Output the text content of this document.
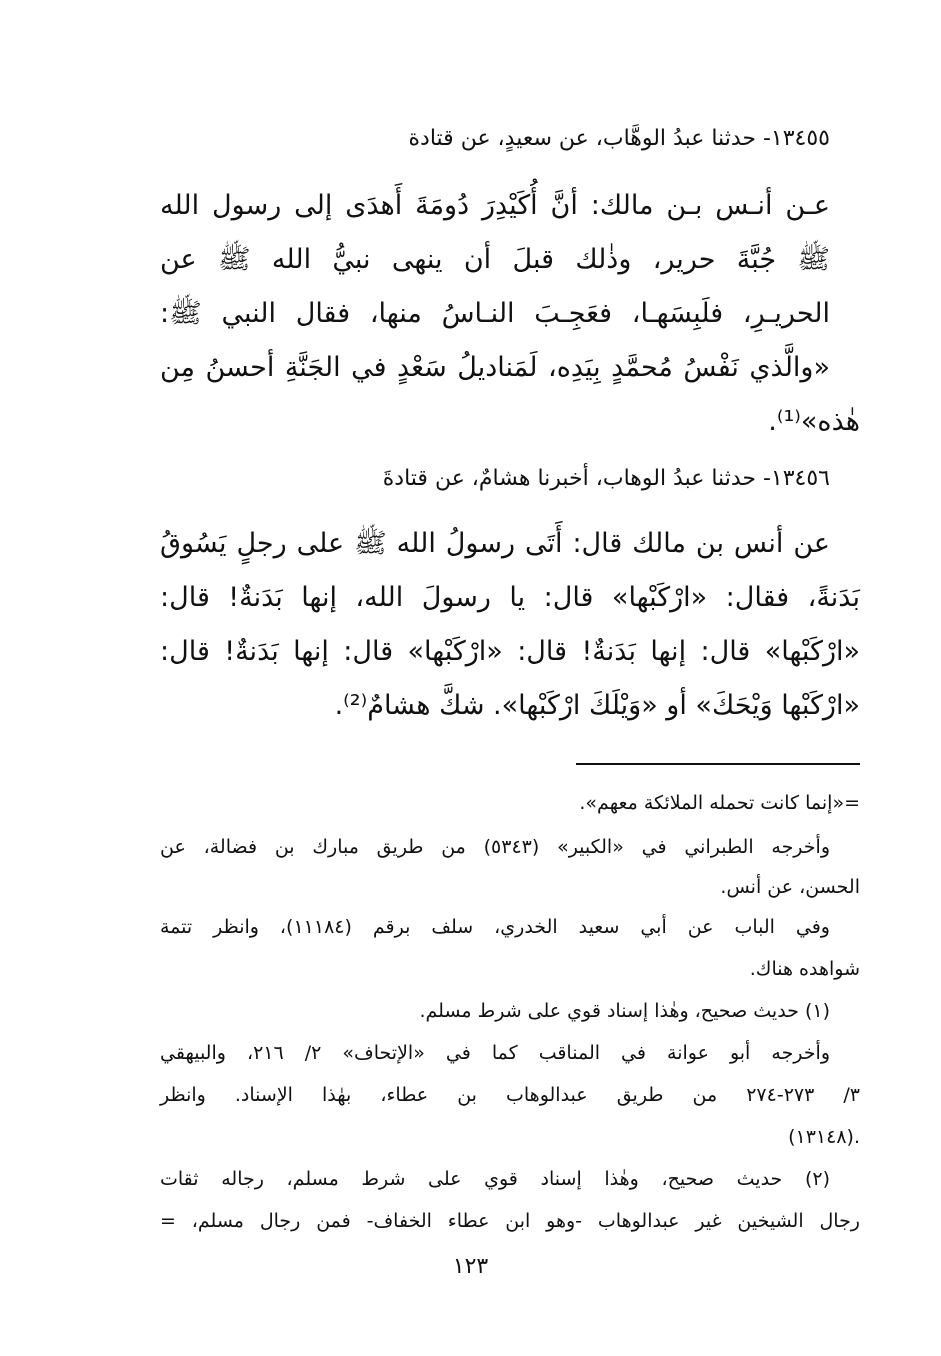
١٣٤٥٥- حدثنا عبدُ الوهَّاب، عن سعيدٍ، عن قتادة
عـن أنـس بـن مالك: أنَّ أُكَيْدِرَ دُومَةَ أَهدَى إلى رسول الله
ﷺ جُبَّةَ حرير، وذٰلك قبلَ أن ينهى نبيُّ الله ﷺ عن
الحريـرِ، فلَبِسَهـا، فعَجِـبَ النـاسُ منها، فقال النبي ﷺ:
«والَّذي نَفْسُ مُحمَّدٍ بِيَدِه، لَمَناديلُ سَعْدٍ في الجَنَّةِ أحسنُ مِن
هٰذه»⁽¹⁾.
١٣٤٥٦- حدثنا عبدُ الوهاب، أخبرنا هشامٌ، عن قتادةَ
عن أنس بن مالك قال: أَتَى رسولُ الله ﷺ على رجلٍ يَسُوقُ
بَدَنةً، فقال: «ارْكَبْها» قال: يا رسولَ الله، إنها بَدَنةٌ! قال:
«ارْكَبْها» قال: إنها بَدَنةٌ! قال: «ارْكَبْها» قال: إنها بَدَنةٌ! قال:
«ارْكَبْها وَيْحَكَ» أو «وَيْلَكَ ارْكَبْها». شكَّ هشامٌ⁽²⁾.
=«إنما كانت تحمله الملائكة معهم».
وأخرجه الطبراني في «الكبير» (٥٣٤٣) من طريق مبارك بن فضالة، عن
الحسن، عن أنس.
وفي الباب عن أبي سعيد الخدري، سلف برقم (١١١٨٤)، وانظر تتمة
شواهده هناك.
(١) حديث صحيح، وهٰذا إسناد قوي على شرط مسلم.
وأخرجه أبو عوانة في المناقب كما في «الإتحاف» ٢/ ٢١٦، والبيهقي
٣/ ٢٧٣-٢٧٤ من طريق عبدالوهاب بن عطاء، بهٰذا الإسناد. وانظر
(١٣١٤٨).
(٢) حديث صحيح، وهٰذا إسناد قوي على شرط مسلم، رجاله ثقات
رجال الشيخين غير عبدالوهاب -وهو ابن عطاء الخفاف- فمن رجال مسلم، =
١٢٣
